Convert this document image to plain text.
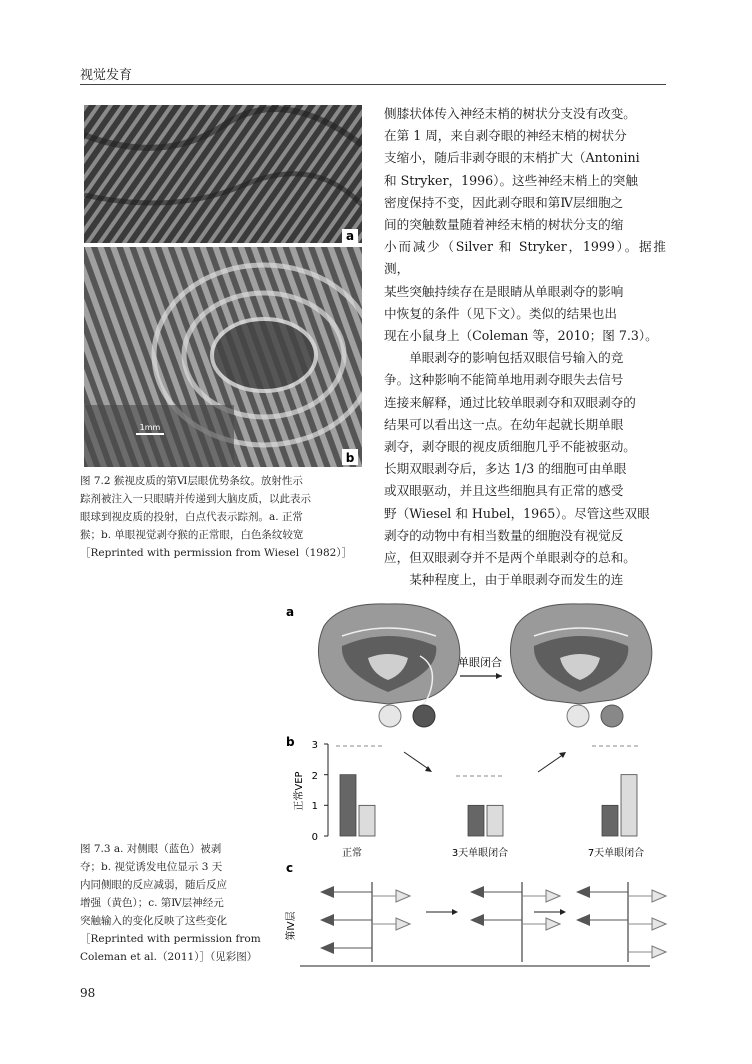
视觉发育
a
b
1mm
图 7.2 猴视皮质的第Ⅵ层眼优势条纹。放射性示
踪剂被注入一只眼睛并传递到大脑皮质，以此表示
眼球到视皮质的投射，白点代表示踪剂。a. 正常
猴；b. 单眼视觉剥夺猴的正常眼，白色条纹较宽
［Reprinted with permission from Wiesel（1982）］

侧膝状体传入神经末梢的树状分支没有改变。

在第 1 周，来自剥夺眼的神经末梢的树状分

支缩小，随后非剥夺眼的末梢扩大（Antonini

和 Stryker，1996）。这些神经末梢上的突触

密度保持不变，因此剥夺眼和第Ⅳ层细胞之

间的突触数量随着神经末梢的树状分支的缩

小而减少（Silver 和 Stryker，1999）。据推测，

某些突触持续存在是眼睛从单眼剥夺的影响

中恢复的条件（见下文）。类似的结果也出

现在小鼠身上（Coleman 等，2010；图 7.3）。

单眼剥夺的影响包括双眼信号输入的竞

争。这种影响不能简单地用剥夺眼失去信号

连接来解释，通过比较单眼剥夺和双眼剥夺的

结果可以看出这一点。在幼年起就长期单眼

剥夺，剥夺眼的视皮质细胞几乎不能被驱动。

长期双眼剥夺后，多达 1/3 的细胞可由单眼

或双眼驱动，并且这些细胞具有正常的感受

野（Wiesel 和 Hubel，1965）。尽管这些双眼

剥夺的动物中有相当数量的细胞没有视觉反

应，但双眼剥夺并不是两个单眼剥夺的总和。

某种程度上，由于单眼剥夺而发生的连

a
单眼闭合
b
0
1
2
3
正常VEP
正常	3天单眼闭合	7天单眼闭合
c
第Ⅳ层
图 7.3 a. 对侧眼（蓝色）被剥
夺；b. 视觉诱发电位显示 3 天
内同侧眼的反应减弱，随后反应
增强（黄色）；c. 第Ⅳ层神经元
突触输入的变化反映了这些变化
［Reprinted with permission from
Coleman et al.（2011）］（见彩图）
98
